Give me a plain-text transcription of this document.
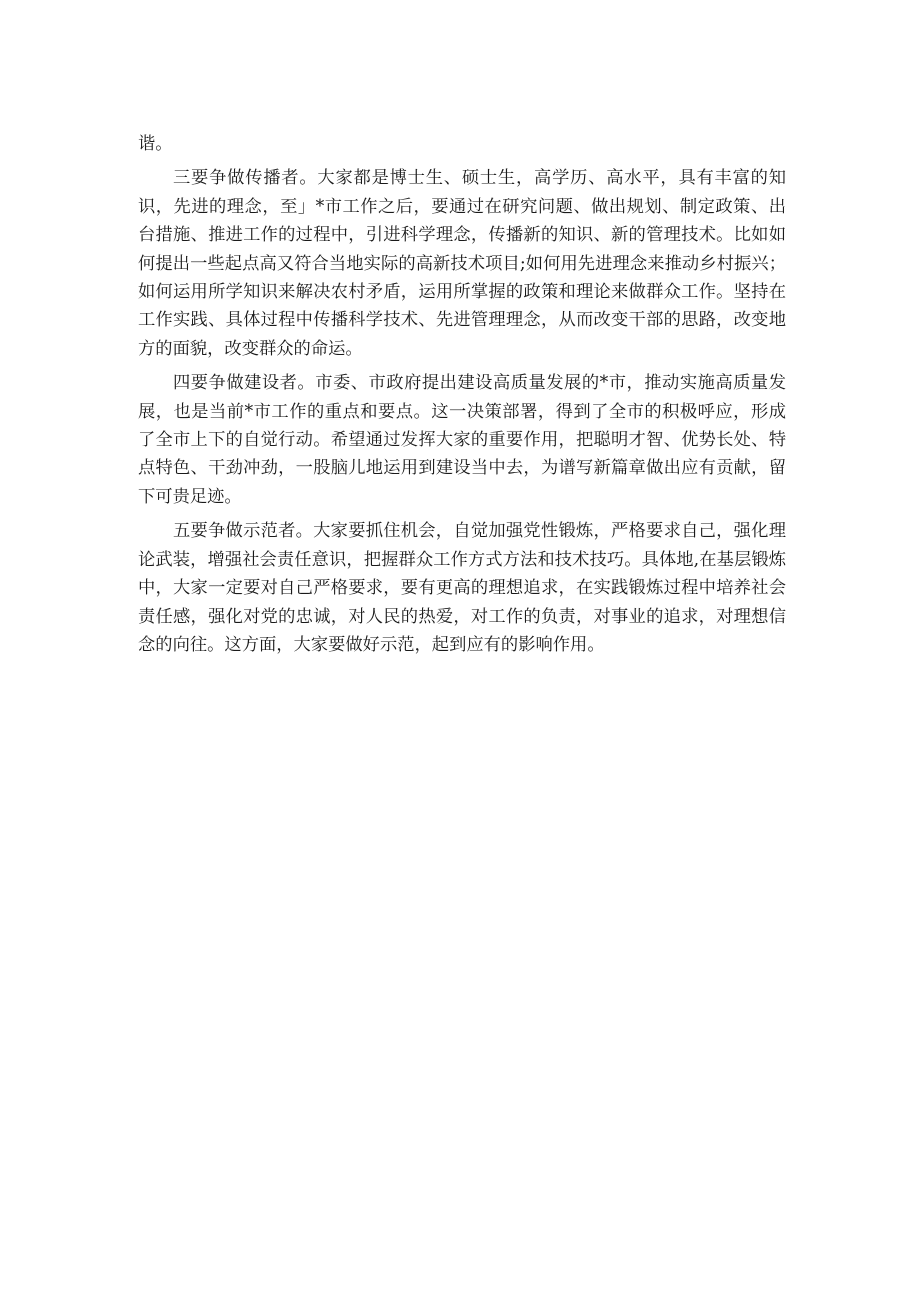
谐。

三要争做传播者。大家都是博士生、硕士生，高学历、高水平，具有丰富的知识，先进的理念，至」*市工作之后，要通过在研究问题、做出规划、制定政策、出台措施、推进工作的过程中，引进科学理念，传播新的知识、新的管理技术。比如如何提出一些起点高又符合当地实际的高新技术项目;如何用先进理念来推动乡村振兴；如何运用所学知识来解决农村矛盾，运用所掌握的政策和理论来做群众工作。坚持在工作实践、具体过程中传播科学技术、先进管理理念，从而改变干部的思路，改变地方的面貌，改变群众的命运。

四要争做建设者。市委、市政府提出建设高质量发展的*市，推动实施高质量发展，也是当前*市工作的重点和要点。这一决策部署，得到了全市的积极呼应，形成了全市上下的自觉行动。希望通过发挥大家的重要作用，把聪明才智、优势长处、特点特色、干劲冲劲，一股脑儿地运用到建设当中去，为谱写新篇章做出应有贡献，留下可贵足迹。

五要争做示范者。大家要抓住机会，自觉加强党性锻炼，严格要求自己，强化理论武装，增强社会责任意识，把握群众工作方式方法和技术技巧。具体地,在基层锻炼中，大家一定要对自己严格要求，要有更高的理想追求，在实践锻炼过程中培养社会责任感，强化对党的忠诚，对人民的热爱，对工作的负责，对事业的追求，对理想信念的向往。这方面，大家要做好示范，起到应有的影响作用。
